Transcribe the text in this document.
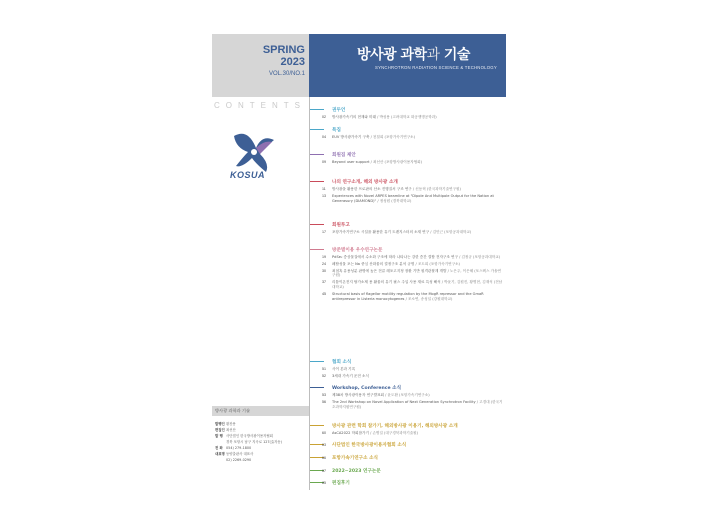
SPRING
2023
VOL.30/NO.1
방사광 과학과 기술
SYNCHROTRON RADIATION SCIENCE & TECHNOLOGY
CONTENTS
KOSUA
방사광 과학과 기술
발행인 황찬용
편집인 최선산
발 행 사단법인 한국방사광이용자협회
경북 포항시 남구 지곡로 127(효자동)
전 화 054) 279-1800
대표명 동양출판사 대표사
02) 2269-0290
권두언
02	방사광가속기의 현재와 미래 / 박성용 (고려대학교 화공생명공학과)
특집
04	EUV 방사광가속기 구축 / 천칠희 (포항가속기연구소)
회원집 제안
09	Beyond user support / 최선산 (포항방사광이용자협회)
나의 연구소개, 해외 방사광 소개
11	방사광을 활용한 프로판의 산소 진행질서 구조 연구 / 신동혁 (한국과학기술연구원)
13	Experiences with Novel ARPES beamline at "Dipole And Multipole Output for the Nation at Generasury (DIAMOND)" / 정성원 (경북대학교)
회원투고
17	포항가속기연구소 시설을 활용한 유기 트랜지스터의 소재 연구 / 김민근 (포항공과대학교)
방준별이용 우수연구논문
19	PdSe₂ 층상물질에서 수소화 구조에 따라 나타나는 강한 층간 결합 전자구조 연구 / 김정규 (포항공과대학교)
24	폐합성물 포는 Na 중심 산화물의 결정구조 분석 규명 / 조도희 (포항가속기연구소)
30	최첨혹 유용성분 판명에 높은 전류 레포고지정 장환 기반 원격관찰계 개발 / 노은주, 이은혜 (포스텍스 가솔연구원)
37	리튬이온전지 탈가소제 용 활물의 유기 필스 주입 사용 재료 특성 해석 / 박윤기, 김원진, 황병현, 김재석 (전남대학교)
45	Structural basis of flagellar motility regulation by the MogR repressor and the GmaR antirepressor in Listeria monocytogenes / 조소연, 송성일 (강원대학교)
협회 소식
51	사이 본과 기록
52	3세대 가속기 운전 소식
Workshop, Conference 소식
53	제38차 방사광이용자 연구발표회 / 윤도환 (포항가속기연구소)
56	The 2nd Workshop on Novel Application of Next Generation Synchrotron Facility / 고경대 (한국기초과학지원연구원)
방사광 관련 학회 참가기, 해외방사광 이용기, 해외방사광 소개
60	AsCA2022 학회참가기 / 손병걸 (대구경북과학기술원)
63 사단법인 한국방사광이용자협회 소식
66 포항가속기연구소 소식
67 2022~2023 연구논문
85 편집후기
